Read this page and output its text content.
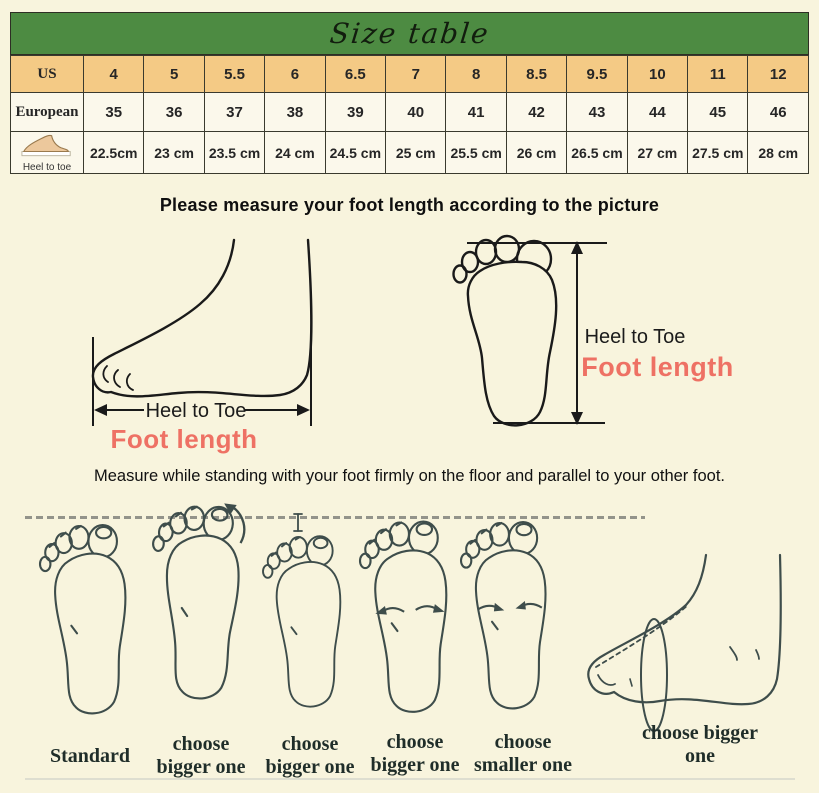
Size table
US	4	5	5.5	6	6.5	7	8	8.5	9.5	10	11	12
European	35	36	37	38	39	40	41	42	43	44	45	46

Heel to toe	22.5cm	23 cm	23.5 cm	24 cm	24.5 cm	25 cm	25.5 cm	26 cm	26.5 cm	27 cm	27.5 cm	28 cm
Please measure your foot length according to the picture
Heel to Toe
Foot length
Heel to Toe
Foot length
Measure while standing with your foot firmly on the floor and parallel to your other foot.
Standard
choose bigger one
choose bigger one
choose bigger one
choose smaller one
choose bigger one
